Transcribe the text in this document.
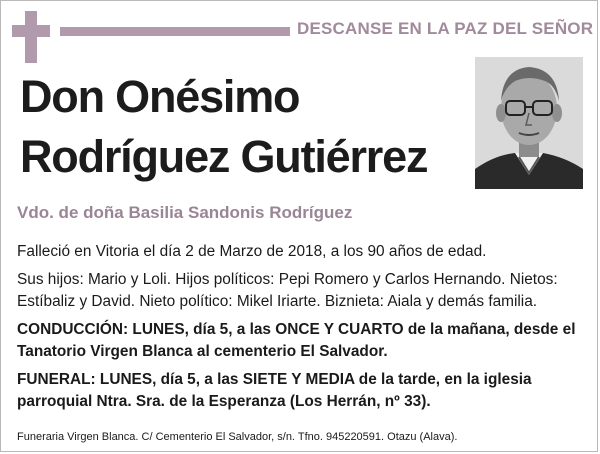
DESCANSE EN LA PAZ DEL SEÑOR
Don Onésimo
Rodríguez Gutiérrez
Vdo. de doña Basilia Sandonis Rodríguez

Falleció en Vitoria el día 2 de Marzo de 2018, a los 90 años de edad.

Sus hijos: Mario y Loli. Hijos políticos: Pepi Romero y Carlos Hernando. Nietos: Estíbaliz y David. Nieto político: Mikel Iriarte. Biznieta: Aiala y demás familia.

CONDUCCIÓN: LUNES, día 5, a las ONCE Y CUARTO de la mañana, desde el Tanatorio Virgen Blanca al cementerio El Salvador.

FUNERAL: LUNES, día 5, a las SIETE Y MEDIA de la tarde, en la iglesia parroquial Ntra. Sra. de la Esperanza (Los Herrán, nº 33).

Funeraria Virgen Blanca. C/ Cementerio El Salvador, s/n. Tfno. 945220591. Otazu (Alava).
